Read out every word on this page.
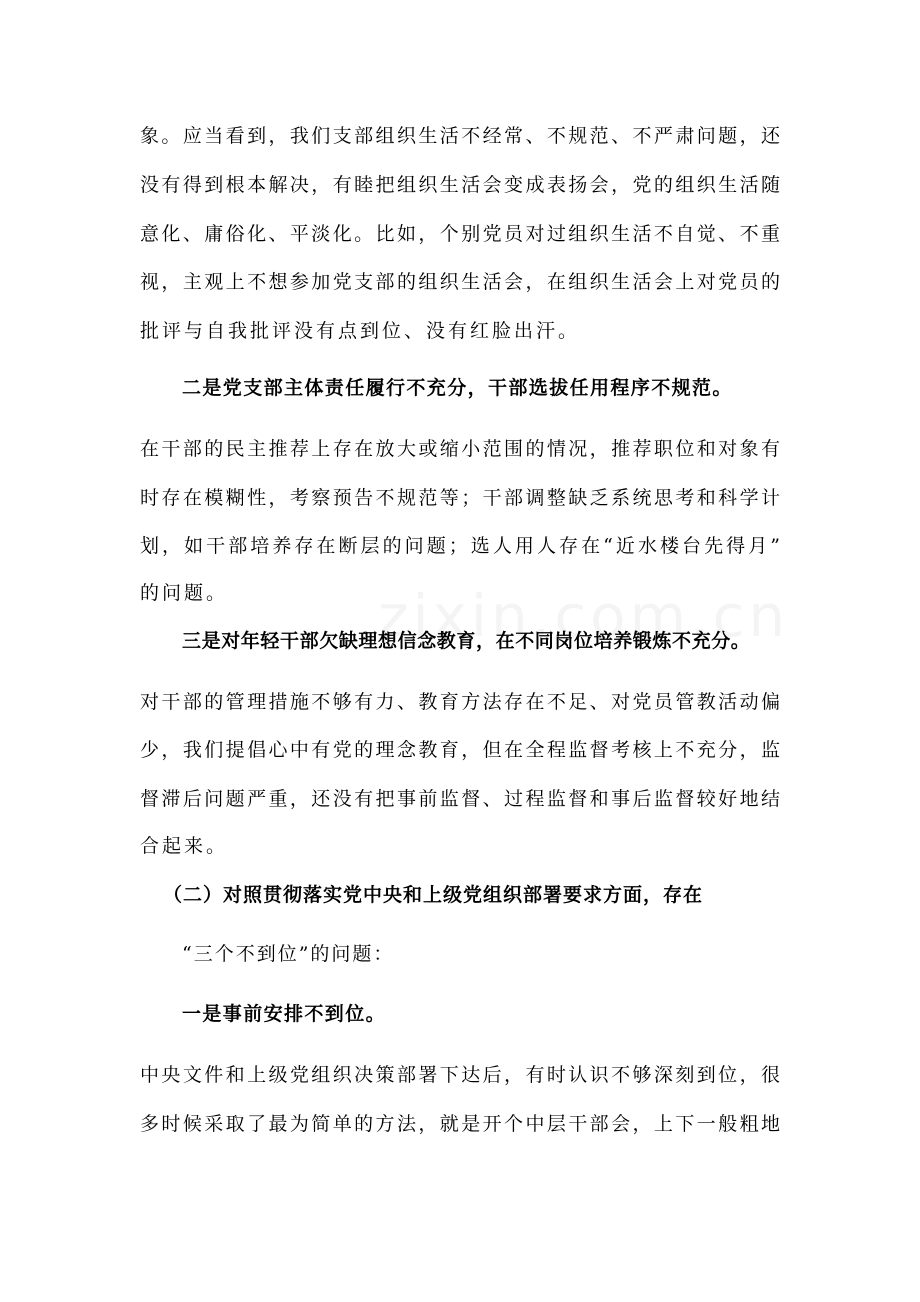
象。应当看到，我们支部组织生活不经常、不规范、不严肃问题，还
没有得到根本解决，有睦把组织生活会变成表扬会，党的组织生活随
意化、庸俗化、平淡化。比如，个别党员对过组织生活不自觉、不重
视，主观上不想参加党支部的组织生活会，在组织生活会上对党员的
批评与自我批评没有点到位、没有红脸出汗。
二是党支部主体责任履行不充分，干部选拔任用程序不规范。
在干部的民主推荐上存在放大或缩小范围的情况，推荐职位和对象有
时存在模糊性，考察预告不规范等；干部调整缺乏系统思考和科学计
划，如干部培养存在断层的问题；选人用人存在“近水楼台先得月”
的问题。
三是对年轻干部欠缺理想信念教育，在不同岗位培养锻炼不充分。
对干部的管理措施不够有力、教育方法存在不足、对党员管教活动偏
少，我们提倡心中有党的理念教育，但在全程监督考核上不充分，监
督滞后问题严重，还没有把事前监督、过程监督和事后监督较好地结
合起来。
（二）对照贯彻落实党中央和上级党组织部署要求方面，存在
“三个不到位”的问题：
一是事前安排不到位。
中央文件和上级党组织决策部署下达后，有时认识不够深刻到位，很
多时候采取了最为简单的方法，就是开个中层干部会，上下一般粗地
